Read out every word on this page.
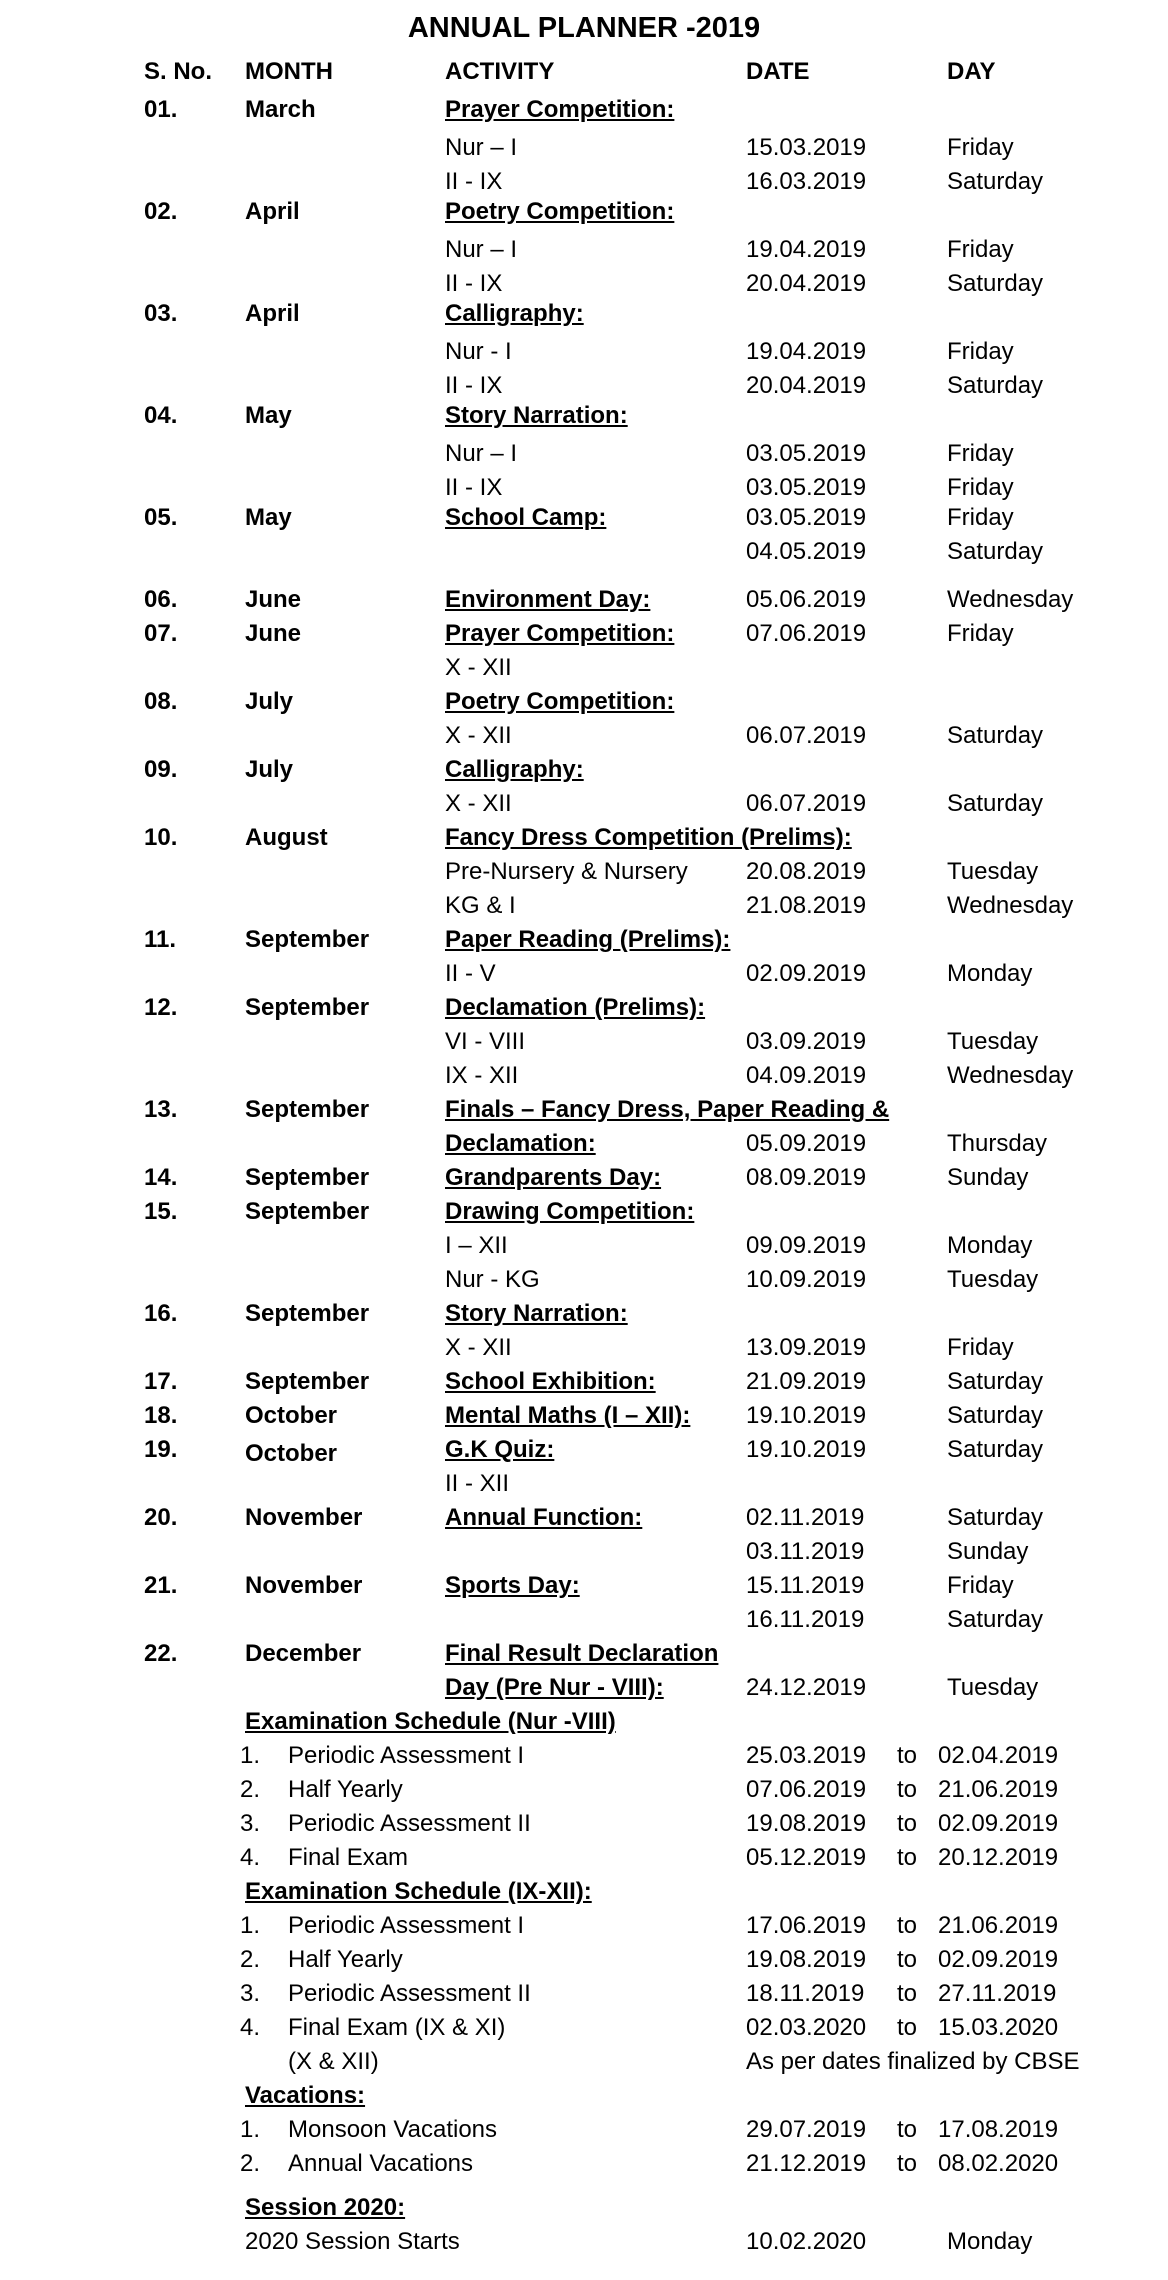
ANNUAL PLANNER -2019
S. No. MONTH	ACTIVITY	DATE	DAY
01.	March	Prayer Competition:
Nur – I	15.03.2019	Friday
II - IX	16.03.2019	Saturday
02.	April	Poetry Competition:
Nur – I	19.04.2019	Friday
II - IX	20.04.2019	Saturday
03.	April	Calligraphy:
Nur - I	19.04.2019	Friday
II - IX	20.04.2019	Saturday
04.	May	Story Narration:
Nur – I	03.05.2019	Friday
II - IX	03.05.2019	Friday
05.	May	School Camp:	03.05.2019	Friday
04.05.2019	Saturday
06.	June	Environment Day:	05.06.2019	Wednesday
07.	June	Prayer Competition:	07.06.2019	Friday
X - XII
08.	July	Poetry Competition:
X - XII	06.07.2019	Saturday
09.	July	Calligraphy:
X - XII	06.07.2019	Saturday
10.	August	Fancy Dress Competition (Prelims):
Pre-Nursery & Nursery 20.08.2019	Tuesday
KG & I	21.08.2019	Wednesday
11.	September	Paper Reading (Prelims):
II - V	02.09.2019	Monday
12.	September	Declamation (Prelims):
VI - VIII	03.09.2019	Tuesday
IX - XII	04.09.2019	Wednesday
13.	September	Finals – Fancy Dress, Paper Reading &
Declamation:	05.09.2019	Thursday
14.	September	Grandparents Day:	08.09.2019	Sunday
15.	September	Drawing Competition:
I – XII	09.09.2019	Monday
Nur - KG	10.09.2019	Tuesday
16.	September	Story Narration:
X - XII	13.09.2019	Friday
17.	September	School Exhibition:	21.09.2019	Saturday
18.	October	Mental Maths (I – XII): 19.10.2019	Saturday
19.	October	G.K Quiz:	19.10.2019	Saturday
II - XII
20.	November	Annual Function:	02.11.2019	Saturday
03.11.2019	Sunday
21.	November	Sports Day:	15.11.2019	Friday
16.11.2019	Saturday
22.	December	Final Result Declaration
Day (Pre Nur - VIII):	24.12.2019	Tuesday
Examination Schedule (Nur -VIII)
1. Periodic Assessment I	25.03.2019 to 02.04.2019
2. Half Yearly	07.06.2019 to 21.06.2019
3. Periodic Assessment II	19.08.2019 to 02.09.2019
4. Final Exam	05.12.2019 to 20.12.2019
Examination Schedule (IX-XII):
1. Periodic Assessment I	17.06.2019 to 21.06.2019
2. Half Yearly	19.08.2019 to 02.09.2019
3. Periodic Assessment II	18.11.2019 to 27.11.2019
4. Final Exam (IX & XI)	02.03.2020 to 15.03.2020
(X & XII)	As per dates finalized by CBSE
Vacations:
1. Monsoon Vacations	29.07.2019 to 17.08.2019
2. Annual Vacations	21.12.2019 to 08.02.2020
Session 2020:
2020 Session Starts	10.02.2020	Monday
